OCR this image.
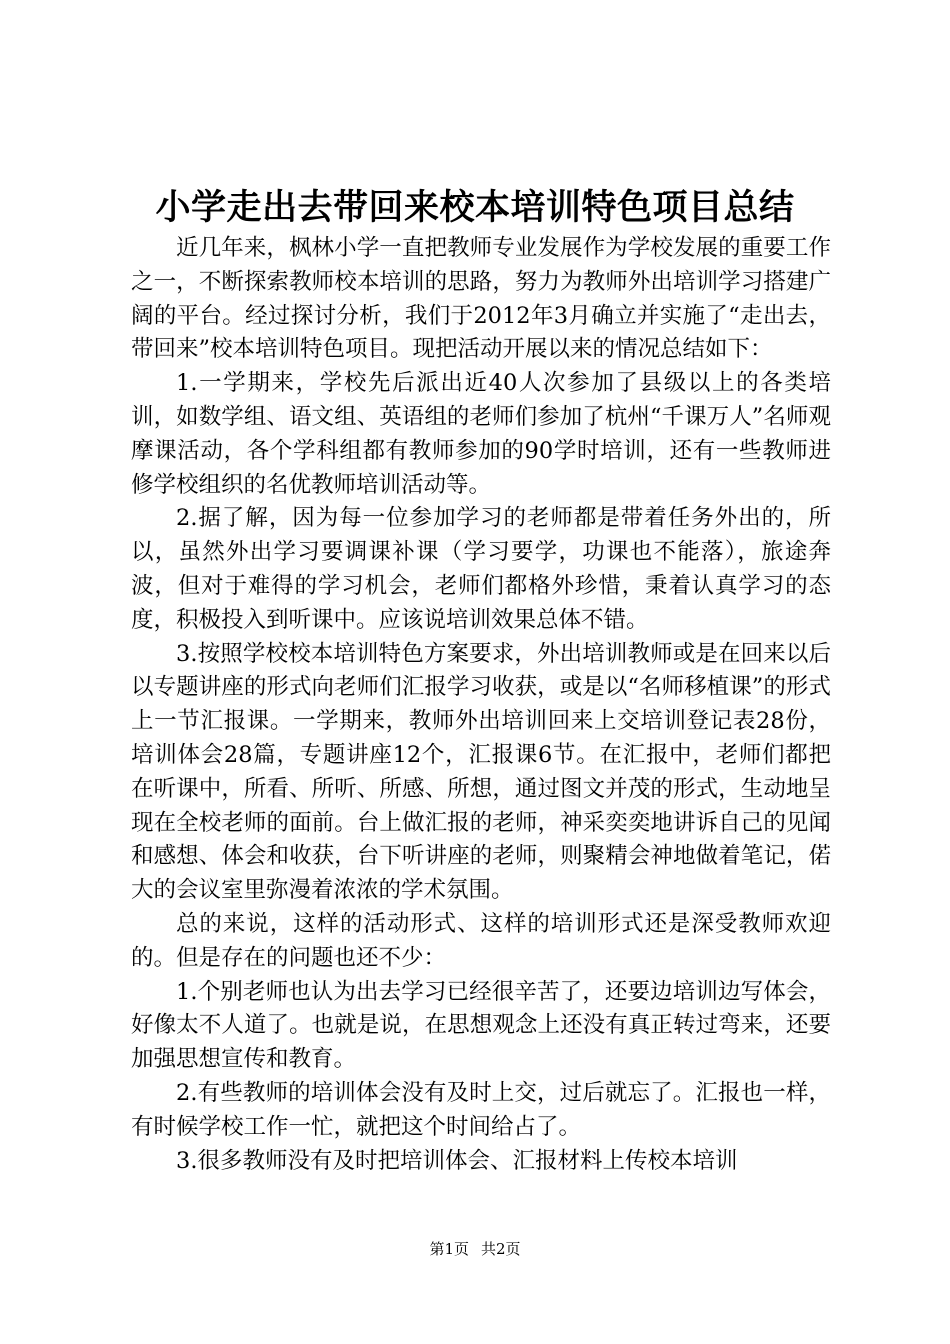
小学走出去带回来校本培训特色项目总结

近几年来，枫林小学一直把教师专业发展作为学校发展的重要工作之一，不断探索教师校本培训的思路，努力为教师外出培训学习搭建广阔的平台。经过探讨分析，我们于2012年3月确立并实施了“走出去，带回来”校本培训特色项目。现把活动开展以来的情况总结如下：

1.一学期来，学校先后派出近40人次参加了县级以上的各类培训，如数学组、语文组、英语组的老师们参加了杭州“千课万人”名师观摩课活动，各个学科组都有教师参加的90学时培训，还有一些教师进修学校组织的名优教师培训活动等。

2.据了解，因为每一位参加学习的老师都是带着任务外出的，所以，虽然外出学习要调课补课（学习要学，功课也不能落），旅途奔波，但对于难得的学习机会，老师们都格外珍惜，秉着认真学习的态度，积极投入到听课中。应该说培训效果总体不错。

3.按照学校校本培训特色方案要求，外出培训教师或是在回来以后以专题讲座的形式向老师们汇报学习收获，或是以“名师移植课”的形式上一节汇报课。一学期来，教师外出培训回来上交培训登记表28份，培训体会28篇，专题讲座12个，汇报课6节。在汇报中，老师们都把在听课中，所看、所听、所感、所想，通过图文并茂的形式，生动地呈现在全校老师的面前。台上做汇报的老师，神采奕奕地讲诉自己的见闻和感想、体会和收获，台下听讲座的老师，则聚精会神地做着笔记，偌大的会议室里弥漫着浓浓的学术氛围。

总的来说，这样的活动形式、这样的培训形式还是深受教师欢迎的。但是存在的问题也还不少：

1.个别老师也认为出去学习已经很辛苦了，还要边培训边写体会，好像太不人道了。也就是说，在思想观念上还没有真正转过弯来，还要加强思想宣传和教育。

2.有些教师的培训体会没有及时上交，过后就忘了。汇报也一样，有时候学校工作一忙，就把这个时间给占了。

3.很多教师没有及时把培训体会、汇报材料上传校本培训

第1页 共2页
